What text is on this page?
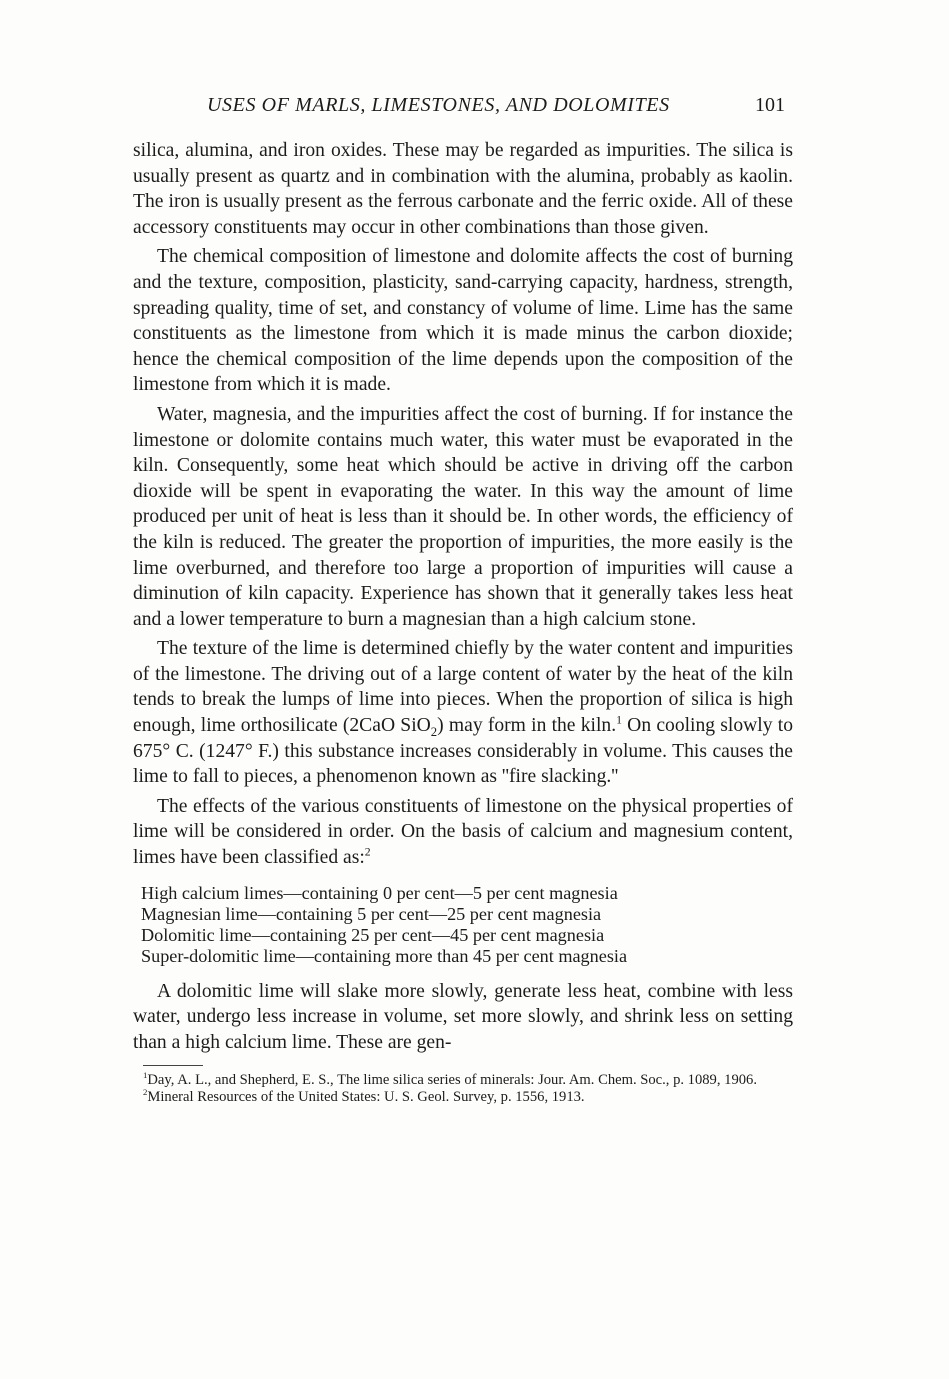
USES OF MARLS, LIMESTONES, AND DOLOMITES	101

silica, alumina, and iron oxides. These may be regarded as impurities. The silica is usually present as quartz and in combination with the alumina, probably as kaolin. The iron is usually present as the ferrous carbonate and the ferric oxide. All of these accessory constituents may occur in other combinations than those given.

The chemical composition of limestone and dolomite affects the cost of burning and the texture, composition, plasticity, sand-carrying capacity, hardness, strength, spreading quality, time of set, and constancy of volume of lime. Lime has the same constituents as the limestone from which it is made minus the carbon dioxide; hence the chemical composition of the lime depends upon the composition of the limestone from which it is made.

Water, magnesia, and the impurities affect the cost of burning. If for instance the limestone or dolomite contains much water, this water must be evaporated in the kiln. Consequently, some heat which should be active in driving off the carbon dioxide will be spent in evaporating the water. In this way the amount of lime produced per unit of heat is less than it should be. In other words, the efficiency of the kiln is reduced. The greater the proportion of impurities, the more easily is the lime overburned, and therefore too large a proportion of impurities will cause a diminution of kiln capacity. Experience has shown that it generally takes less heat and a lower temperature to burn a magnesian than a high calcium stone.

The texture of the lime is determined chiefly by the water content and impurities of the limestone. The driving out of a large content of water by the heat of the kiln tends to break the lumps of lime into pieces. When the proportion of silica is high enough, lime orthosilicate (2CaO SiO$_2$) may form in the kiln.$^1$ On cooling slowly to 675° C. (1247° F.) this substance increases considerably in volume. This causes the lime to fall to pieces, a phenomenon known as ''fire slacking.''

The effects of the various constituents of limestone on the physical properties of lime will be considered in order. On the basis of calcium and magnesium content, limes have been classified as:$^2$

High calcium limes—containing 0 per cent—5 per cent magnesia
Magnesian lime—containing 5 per cent—25 per cent magnesia
Dolomitic lime—containing 25 per cent—45 per cent magnesia
Super-dolomitic lime—containing more than 45 per cent magnesia

A dolomitic lime will slake more slowly, generate less heat, combine with less water, undergo less increase in volume, set more slowly, and shrink less on setting than a high calcium lime. These are gen-

$^1$Day, A. L., and Shepherd, E. S., The lime silica series of minerals: Jour. Am. Chem. Soc., p. 1089, 1906.

$^2$Mineral Resources of the United States: U. S. Geol. Survey, p. 1556, 1913.
